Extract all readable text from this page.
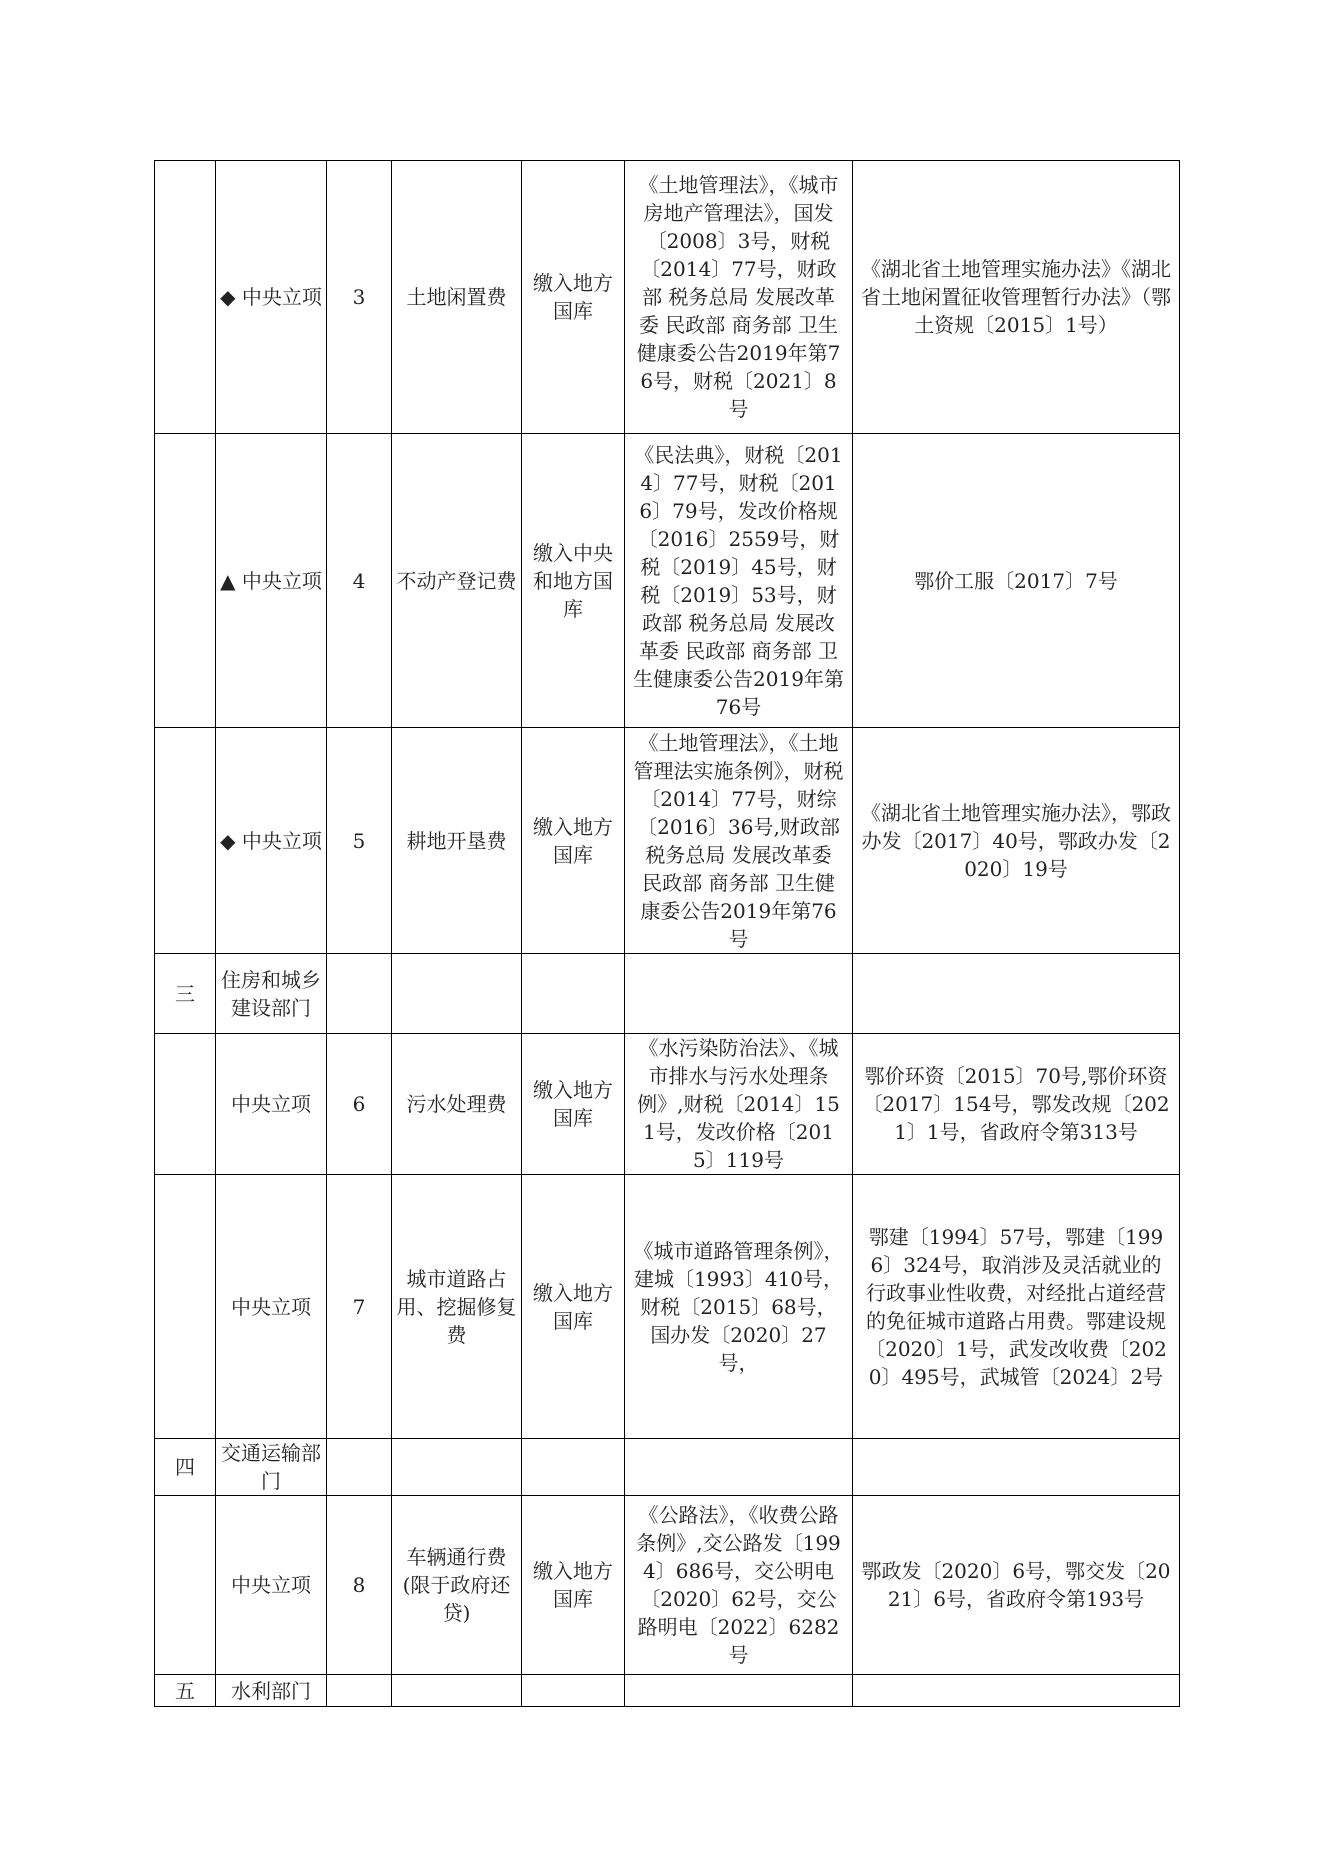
	◆ 中央立项	3	土地闲置费	缴入地方国库	《土地管理法》，《城市房地产管理法》，国发〔2008〕3号，财税〔2014〕77号，财政部 税务总局 发展改革委 民政部 商务部 卫生健康委公告2019年第76号，财税〔2021〕8号	《湖北省土地管理实施办法》《湖北省土地闲置征收管理暂行办法》（鄂土资规〔2015〕1号）
	▲ 中央立项	4	不动产登记费	缴入中央和地方国库	《民法典》，财税〔2014〕77号，财税〔2016〕79号，发改价格规〔2016〕2559号，财税〔2019〕45号，财税〔2019〕53号，财政部 税务总局 发展改革委 民政部 商务部 卫生健康委公告2019年第76号	鄂价工服〔2017〕7号
	◆ 中央立项	5	耕地开垦费	缴入地方国库	《土地管理法》，《土地管理法实施条例》，财税〔2014〕77号，财综〔2016〕36号,财政部 税务总局 发展改革委 民政部 商务部 卫生健康委公告2019年第76号	《湖北省土地管理实施办法》，鄂政办发〔2017〕40号，鄂政办发〔2020〕19号
三	住房和城乡建设部门					
	中央立项	6	污水处理费	缴入地方国库	《水污染防治法》、《城市排水与污水处理条例》,财税〔2014〕151号，发改价格〔2015〕119号	鄂价环资〔2015〕70号,鄂价环资〔2017〕154号，鄂发改规〔2021〕1号，省政府令第313号
	中央立项	7	城市道路占用、挖掘修复费	缴入地方国库	《城市道路管理条例》，建城〔1993〕410号，财税〔2015〕68号，国办发〔2020〕27号，	鄂建〔1994〕57号，鄂建〔1996〕324号，取消涉及灵活就业的行政事业性收费，对经批占道经营的免征城市道路占用费。鄂建设规〔2020〕1号，武发改收费〔2020〕495号，武城管〔2024〕2号
四	交通运输部门					
	中央立项	8	车辆通行费(限于政府还贷)	缴入地方国库	《公路法》，《收费公路条例》,交公路发〔1994〕686号，交公明电〔2020〕62号，交公路明电〔2022〕6282号	鄂政发〔2020〕6号，鄂交发〔2021〕6号，省政府令第193号
五	水利部门					
